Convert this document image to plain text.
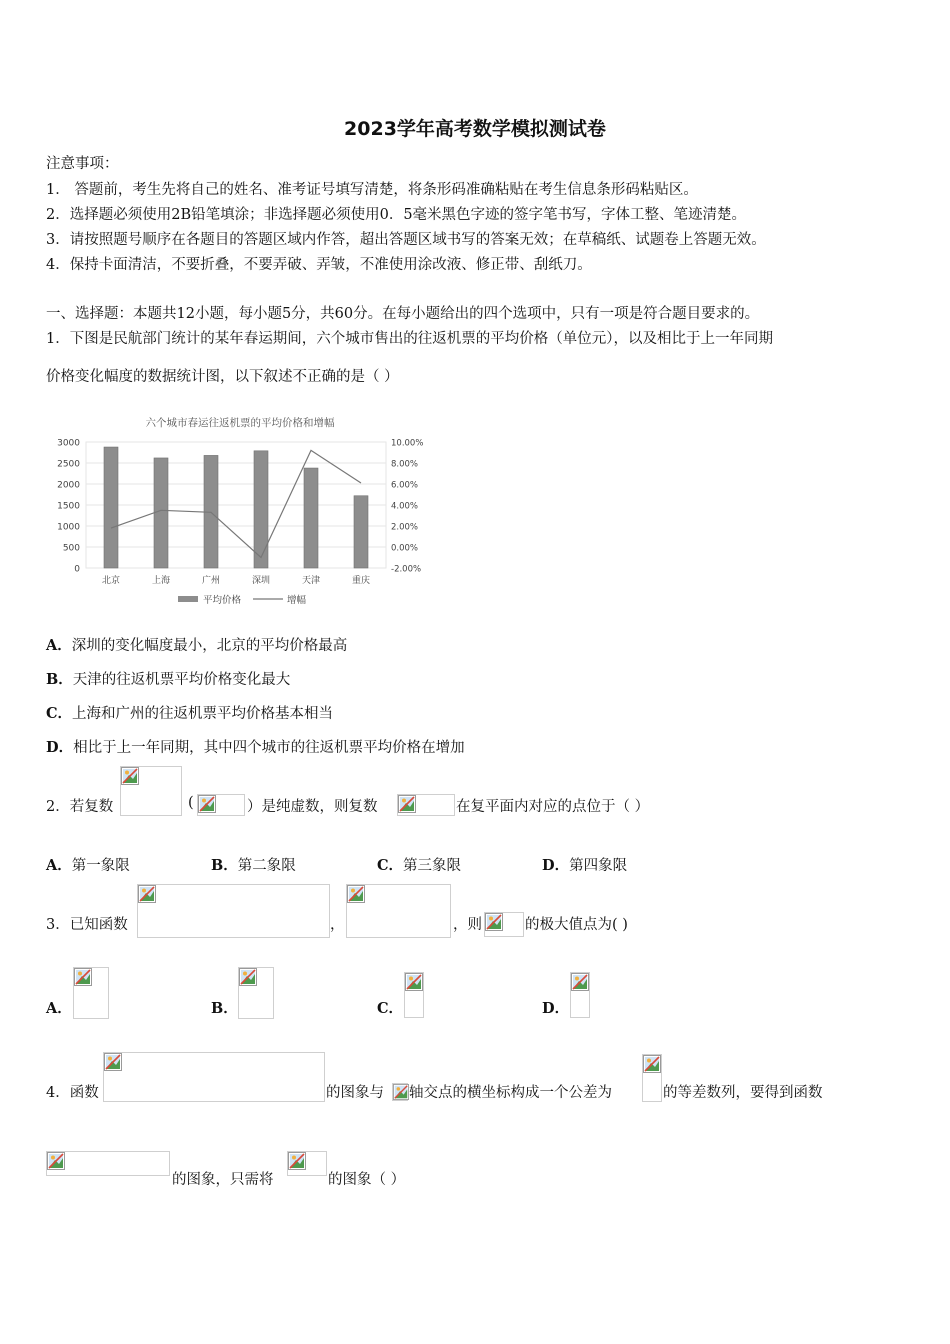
2023学年高考数学模拟测试卷
注意事项：
1． 答题前，考生先将自己的姓名、准考证号填写清楚，将条形码准确粘贴在考生信息条形码粘贴区。
2．选择题必须使用2B铅笔填涂；非选择题必须使用0．5毫米黑色字迹的签字笔书写，字体工整、笔迹清楚。
3．请按照题号顺序在各题目的答题区域内作答，超出答题区域书写的答案无效；在草稿纸、试题卷上答题无效。
4．保持卡面清洁，不要折叠，不要弄破、弄皱，不准使用涂改液、修正带、刮纸刀。
一、选择题：本题共12小题，每小题5分，共60分。在每小题给出的四个选项中，只有一项是符合题目要求的。
1．下图是民航部门统计的某年春运期间，六个城市售出的往返机票的平均价格（单位元），以及相比于上一年同期
价格变化幅度的数据统计图，以下叙述不正确的是（ ）
六个城市春运往返机票的平均价格和增幅
3000
2500
2000
1500
1000
500
0
10.00%
8.00%
6.00%
4.00%
2.00%
0.00%
-2.00%
北京	上海	广州	深圳	天津	重庆
平均价格	增幅
A．深圳的变化幅度最小，北京的平均价格最高
B．天津的往返机票平均价格变化最大
C．上海和广州的往返机票平均价格基本相当
D．相比于上一年同期，其中四个城市的往返机票平均价格在增加
2．若复数	(	）是纯虚数，则复数	在复平面内对应的点位于（ ）
A．第一象限	B．第二象限	C．第三象限	D．第四象限
3．已知函数	，	，则	的极大值点为( )
A．	B．	C．	D．
4．函数	的图象与 轴交点的横坐标构成一个公差为	的等差数列，要得到函数
的图象，只需将	的图象（ ）
